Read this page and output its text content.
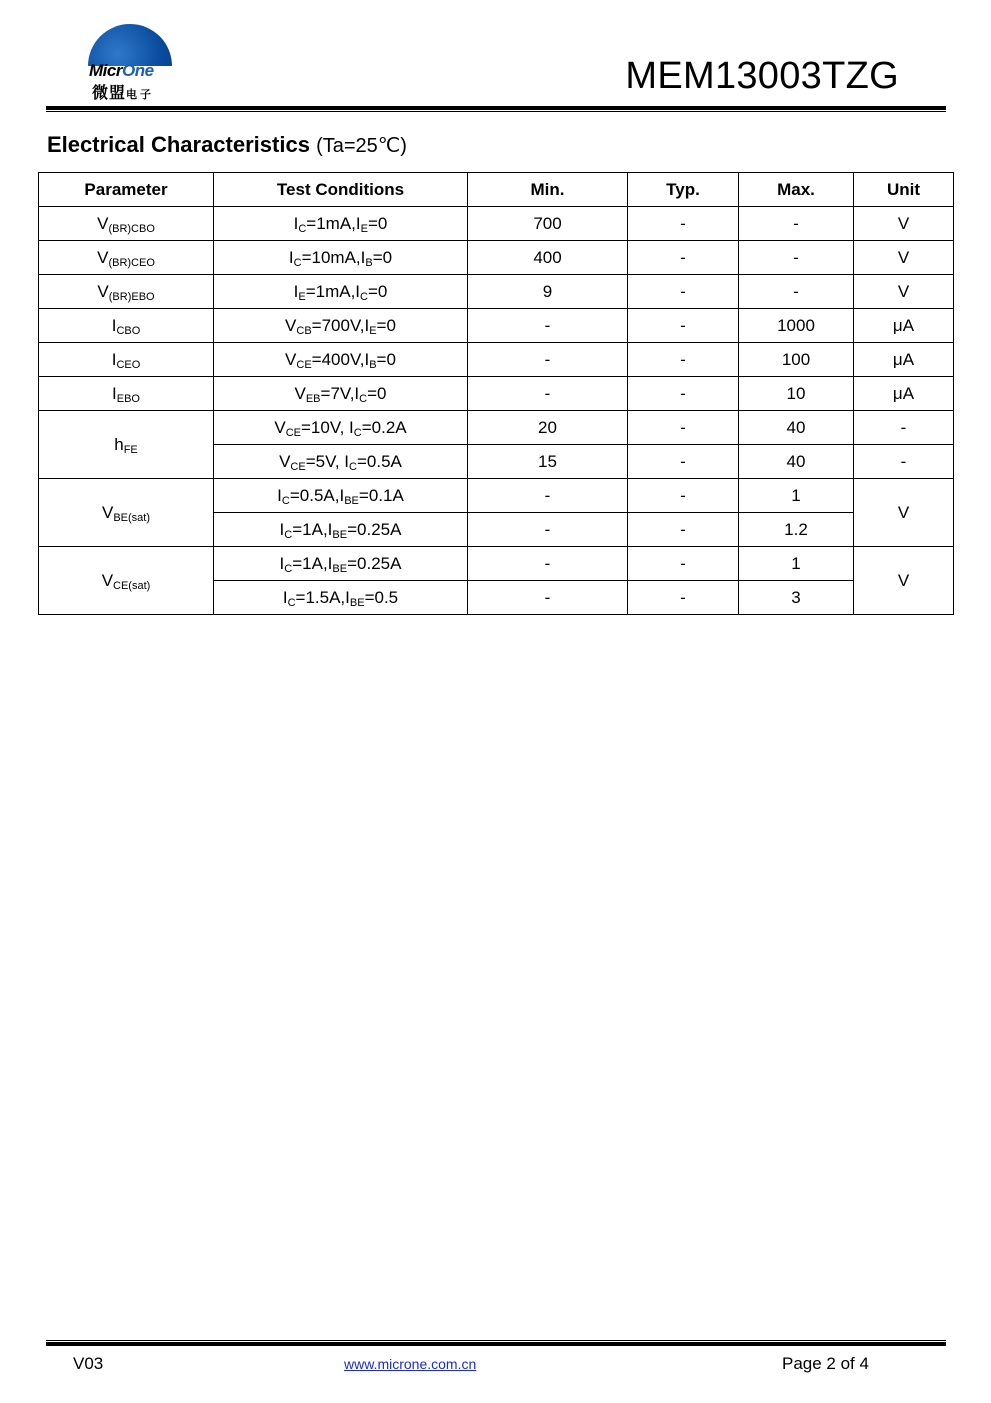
MicrOne
微盟电子	MEM13003TZG
Electrical Characteristics (Ta=25℃)
Parameter	Test Conditions	Min.	Typ.	Max.	Unit
$V_{(BR)CBO}$	$I_C=1mA,I_E=0$	700	-	-	V
$V_{(BR)CEO}$	$I_C=10mA,I_B=0$	400	-	-	V
$V_{(BR)EBO}$	$I_E=1mA,I_C=0$	9	-	-	V
$I_{CBO}$	$V_{CB}=700V,I_E=0$	-	-	1000	μA
$I_{CEO}$	$V_{CE}=400V,I_B=0$	-	-	100	μA
$I_{EBO}$	$V_{EB}=7V,I_C=0$	-	-	10	μA
$h_{FE}$	$V_{CE}=10V$, $I_C=0.2A$	20	-	40	-
	$V_{CE}=5V$, $I_C=0.5A$	15	-	40	-
$V_{BE(sat)}$	$I_C=0.5A,I_{BE}=0.1A$	-	-	1	V
	$I_C=1A,I_{BE}=0.25A$	-	-	1.2	
$V_{CE(sat)}$	$I_C=1A,I_{BE}=0.25A$	-	-	1	V
	$I_C=1.5A,I_{BE}=0.5$	-	-	3	
V03	www.microne.com.cn	Page 2 of 4
